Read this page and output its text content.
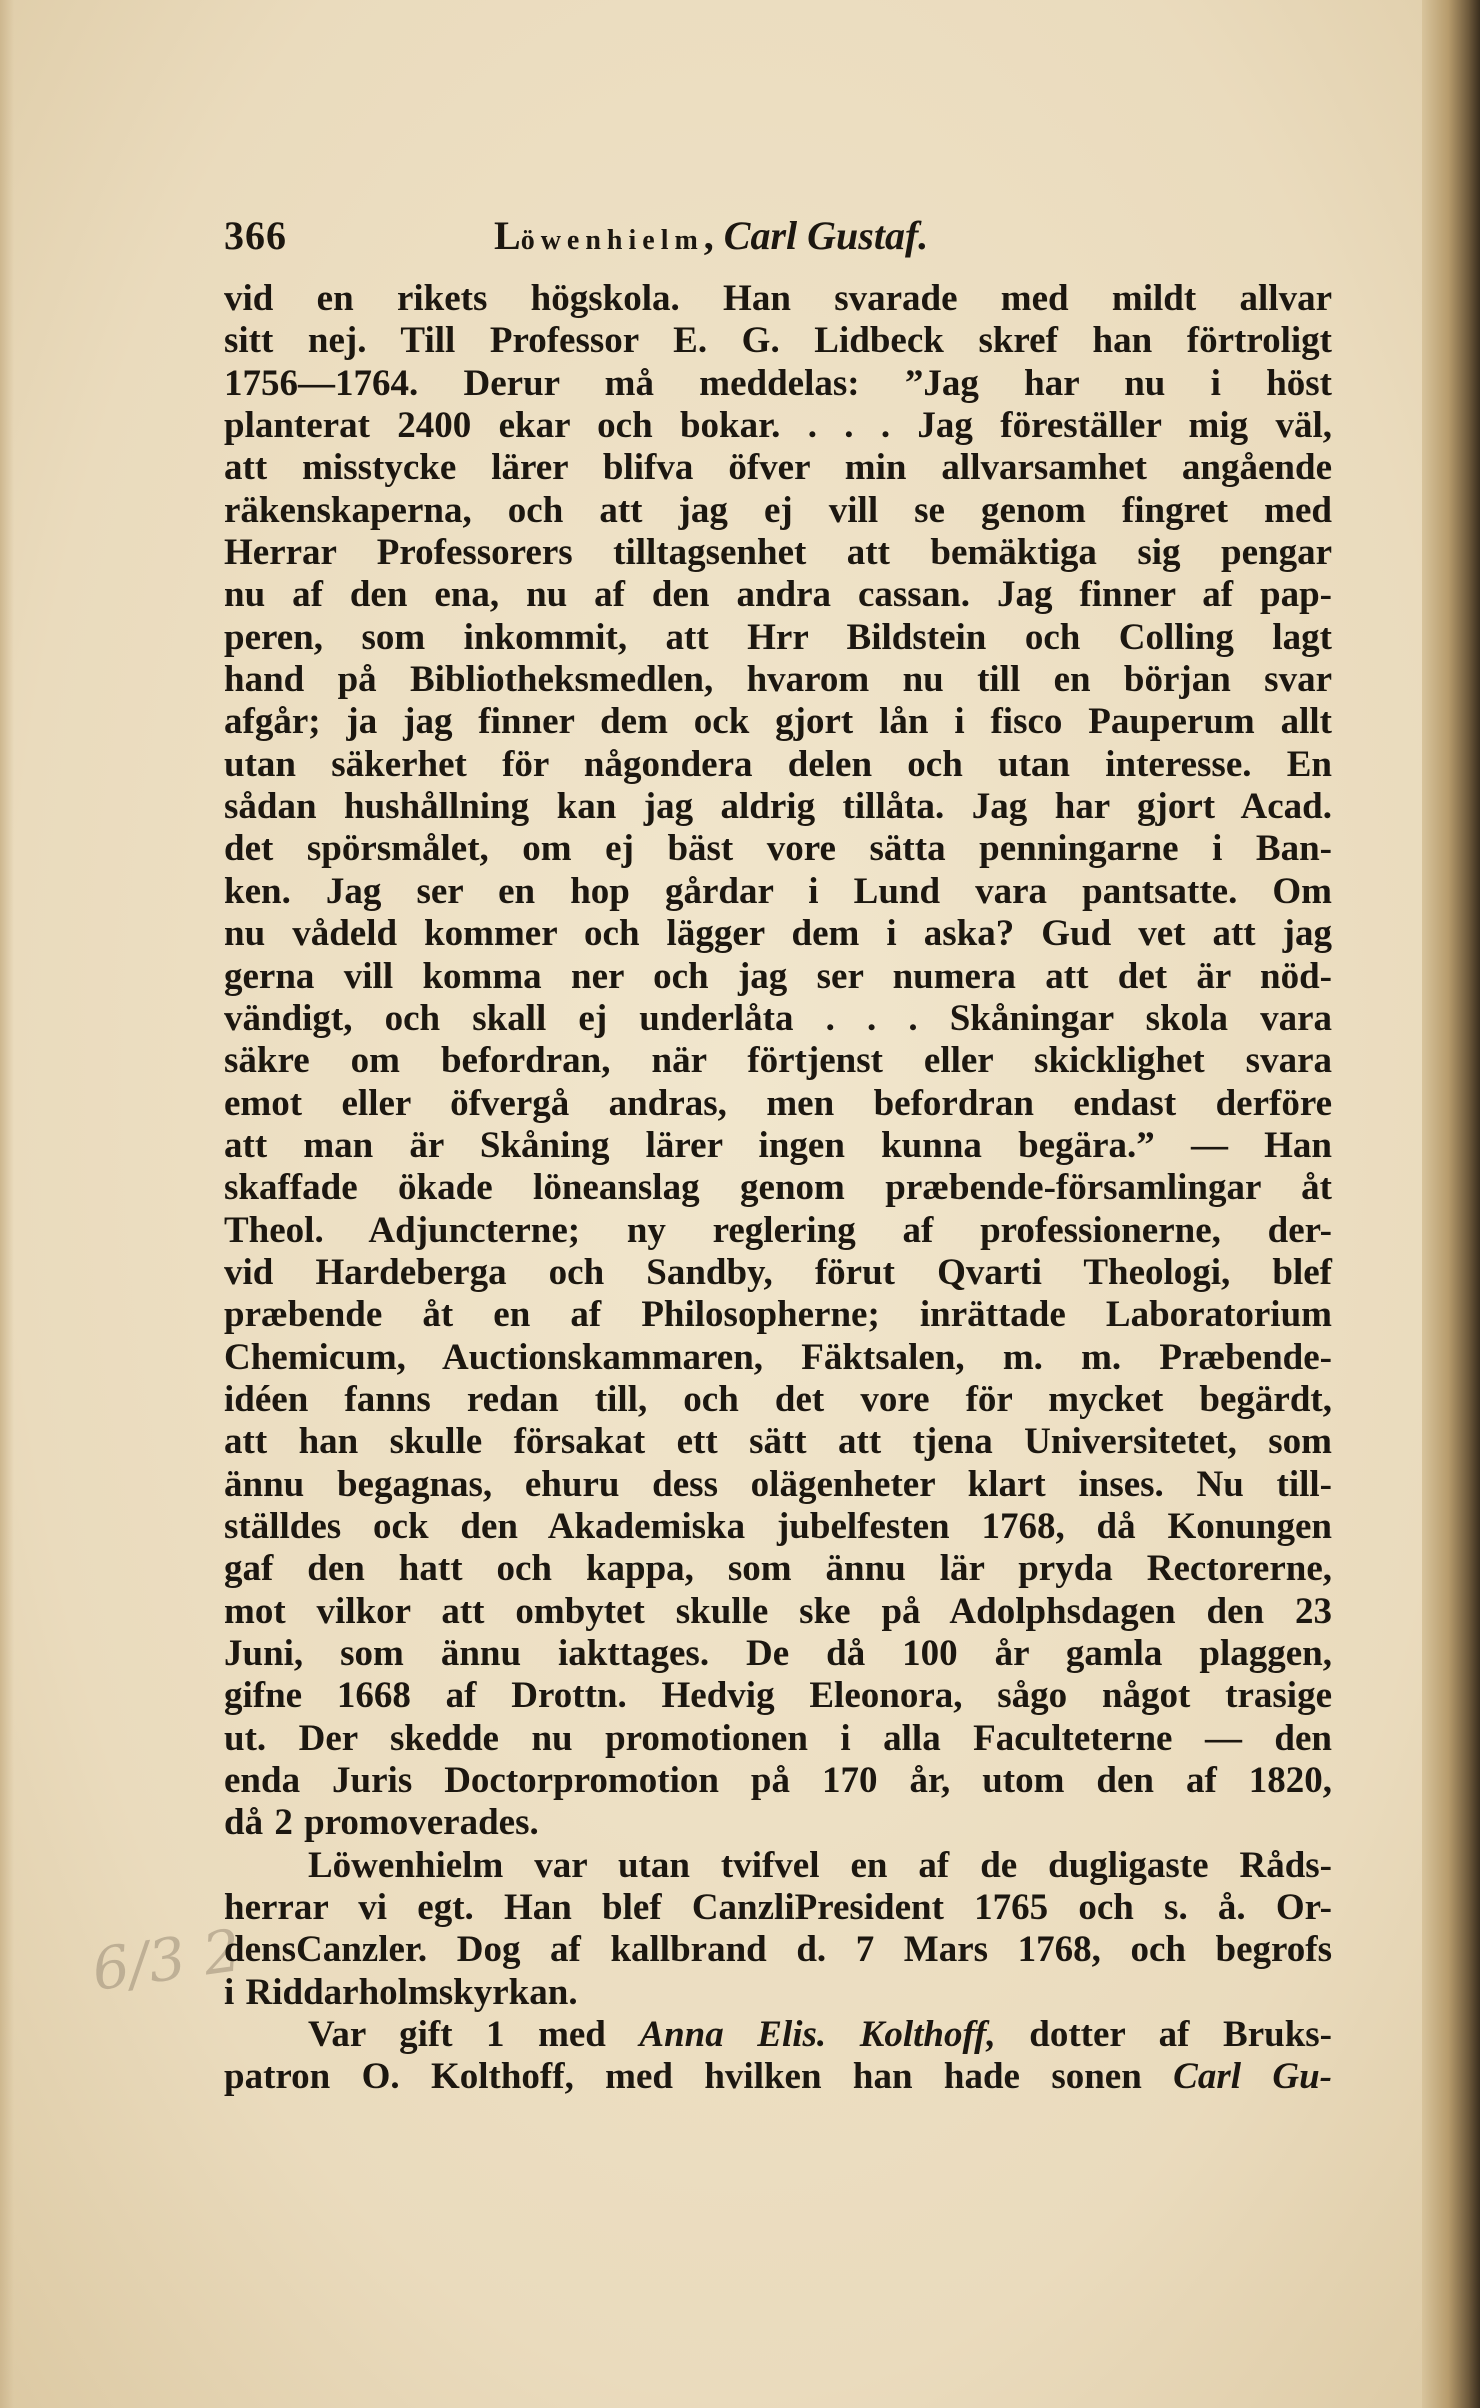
366	Löwenhielm, Carl Gustaf.
6/3 2
vid en rikets högskola. Han svarade med mildt allvar
sitt nej. Till Professor E. G. Lidbeck skref han förtroligt
1756—1764. Derur må meddelas: ”Jag har nu i höst
planterat 2400 ekar och bokar. . . . Jag föreställer mig väl,
att misstycke lärer blifva öfver min allvarsamhet angående
räkenskaperna, och att jag ej vill se genom fingret med
Herrar Professorers tilltagsenhet att bemäktiga sig pengar
nu af den ena, nu af den andra cassan. Jag finner af pap-
peren, som inkommit, att Hrr Bildstein och Colling lagt
hand på Bibliotheksmedlen, hvarom nu till en början svar
afgår; ja jag finner dem ock gjort lån i fisco Pauperum allt
utan säkerhet för någondera delen och utan interesse. En
sådan hushållning kan jag aldrig tillåta. Jag har gjort Acad.
det spörsmålet, om ej bäst vore sätta penningarne i Ban-
ken. Jag ser en hop gårdar i Lund vara pantsatte. Om
nu vådeld kommer och lägger dem i aska? Gud vet att jag
gerna vill komma ner och jag ser numera att det är nöd-
vändigt, och skall ej underlåta . . . Skåningar skola vara
säkre om befordran, när förtjenst eller skicklighet svara
emot eller öfvergå andras, men befordran endast derföre
att man är Skåning lärer ingen kunna begära.” — Han
skaffade ökade löneanslag genom præbende-församlingar åt
Theol. Adjuncterne; ny reglering af professionerne, der-
vid Hardeberga och Sandby, förut Qvarti Theologi, blef
præbende åt en af Philosopherne; inrättade Laboratorium
Chemicum, Auctionskammaren, Fäktsalen, m. m. Præbende-
idéen fanns redan till, och det vore för mycket begärdt,
att han skulle försakat ett sätt att tjena Universitetet, som
ännu begagnas, ehuru dess olägenheter klart inses. Nu till-
ställdes ock den Akademiska jubelfesten 1768, då Konungen
gaf den hatt och kappa, som ännu lär pryda Rectorerne,
mot vilkor att ombytet skulle ske på Adolphsdagen den 23
Juni, som ännu iakttages. De då 100 år gamla plaggen,
gifne 1668 af Drottn. Hedvig Eleonora, sågo något trasige
ut. Der skedde nu promotionen i alla Faculteterne — den
enda Juris Doctorpromotion på 170 år, utom den af 1820,
då 2 promoverades.
Löwenhielm var utan tvifvel en af de dugligaste Råds-
herrar vi egt. Han blef CanzliPresident 1765 och s. å. Or-
densCanzler. Dog af kallbrand d. 7 Mars 1768, och begrofs
i Riddarholmskyrkan.
Var gift 1 med Anna Elis. Kolthoff, dotter af Bruks-
patron O. Kolthoff, med hvilken han hade sonen Carl Gu-
